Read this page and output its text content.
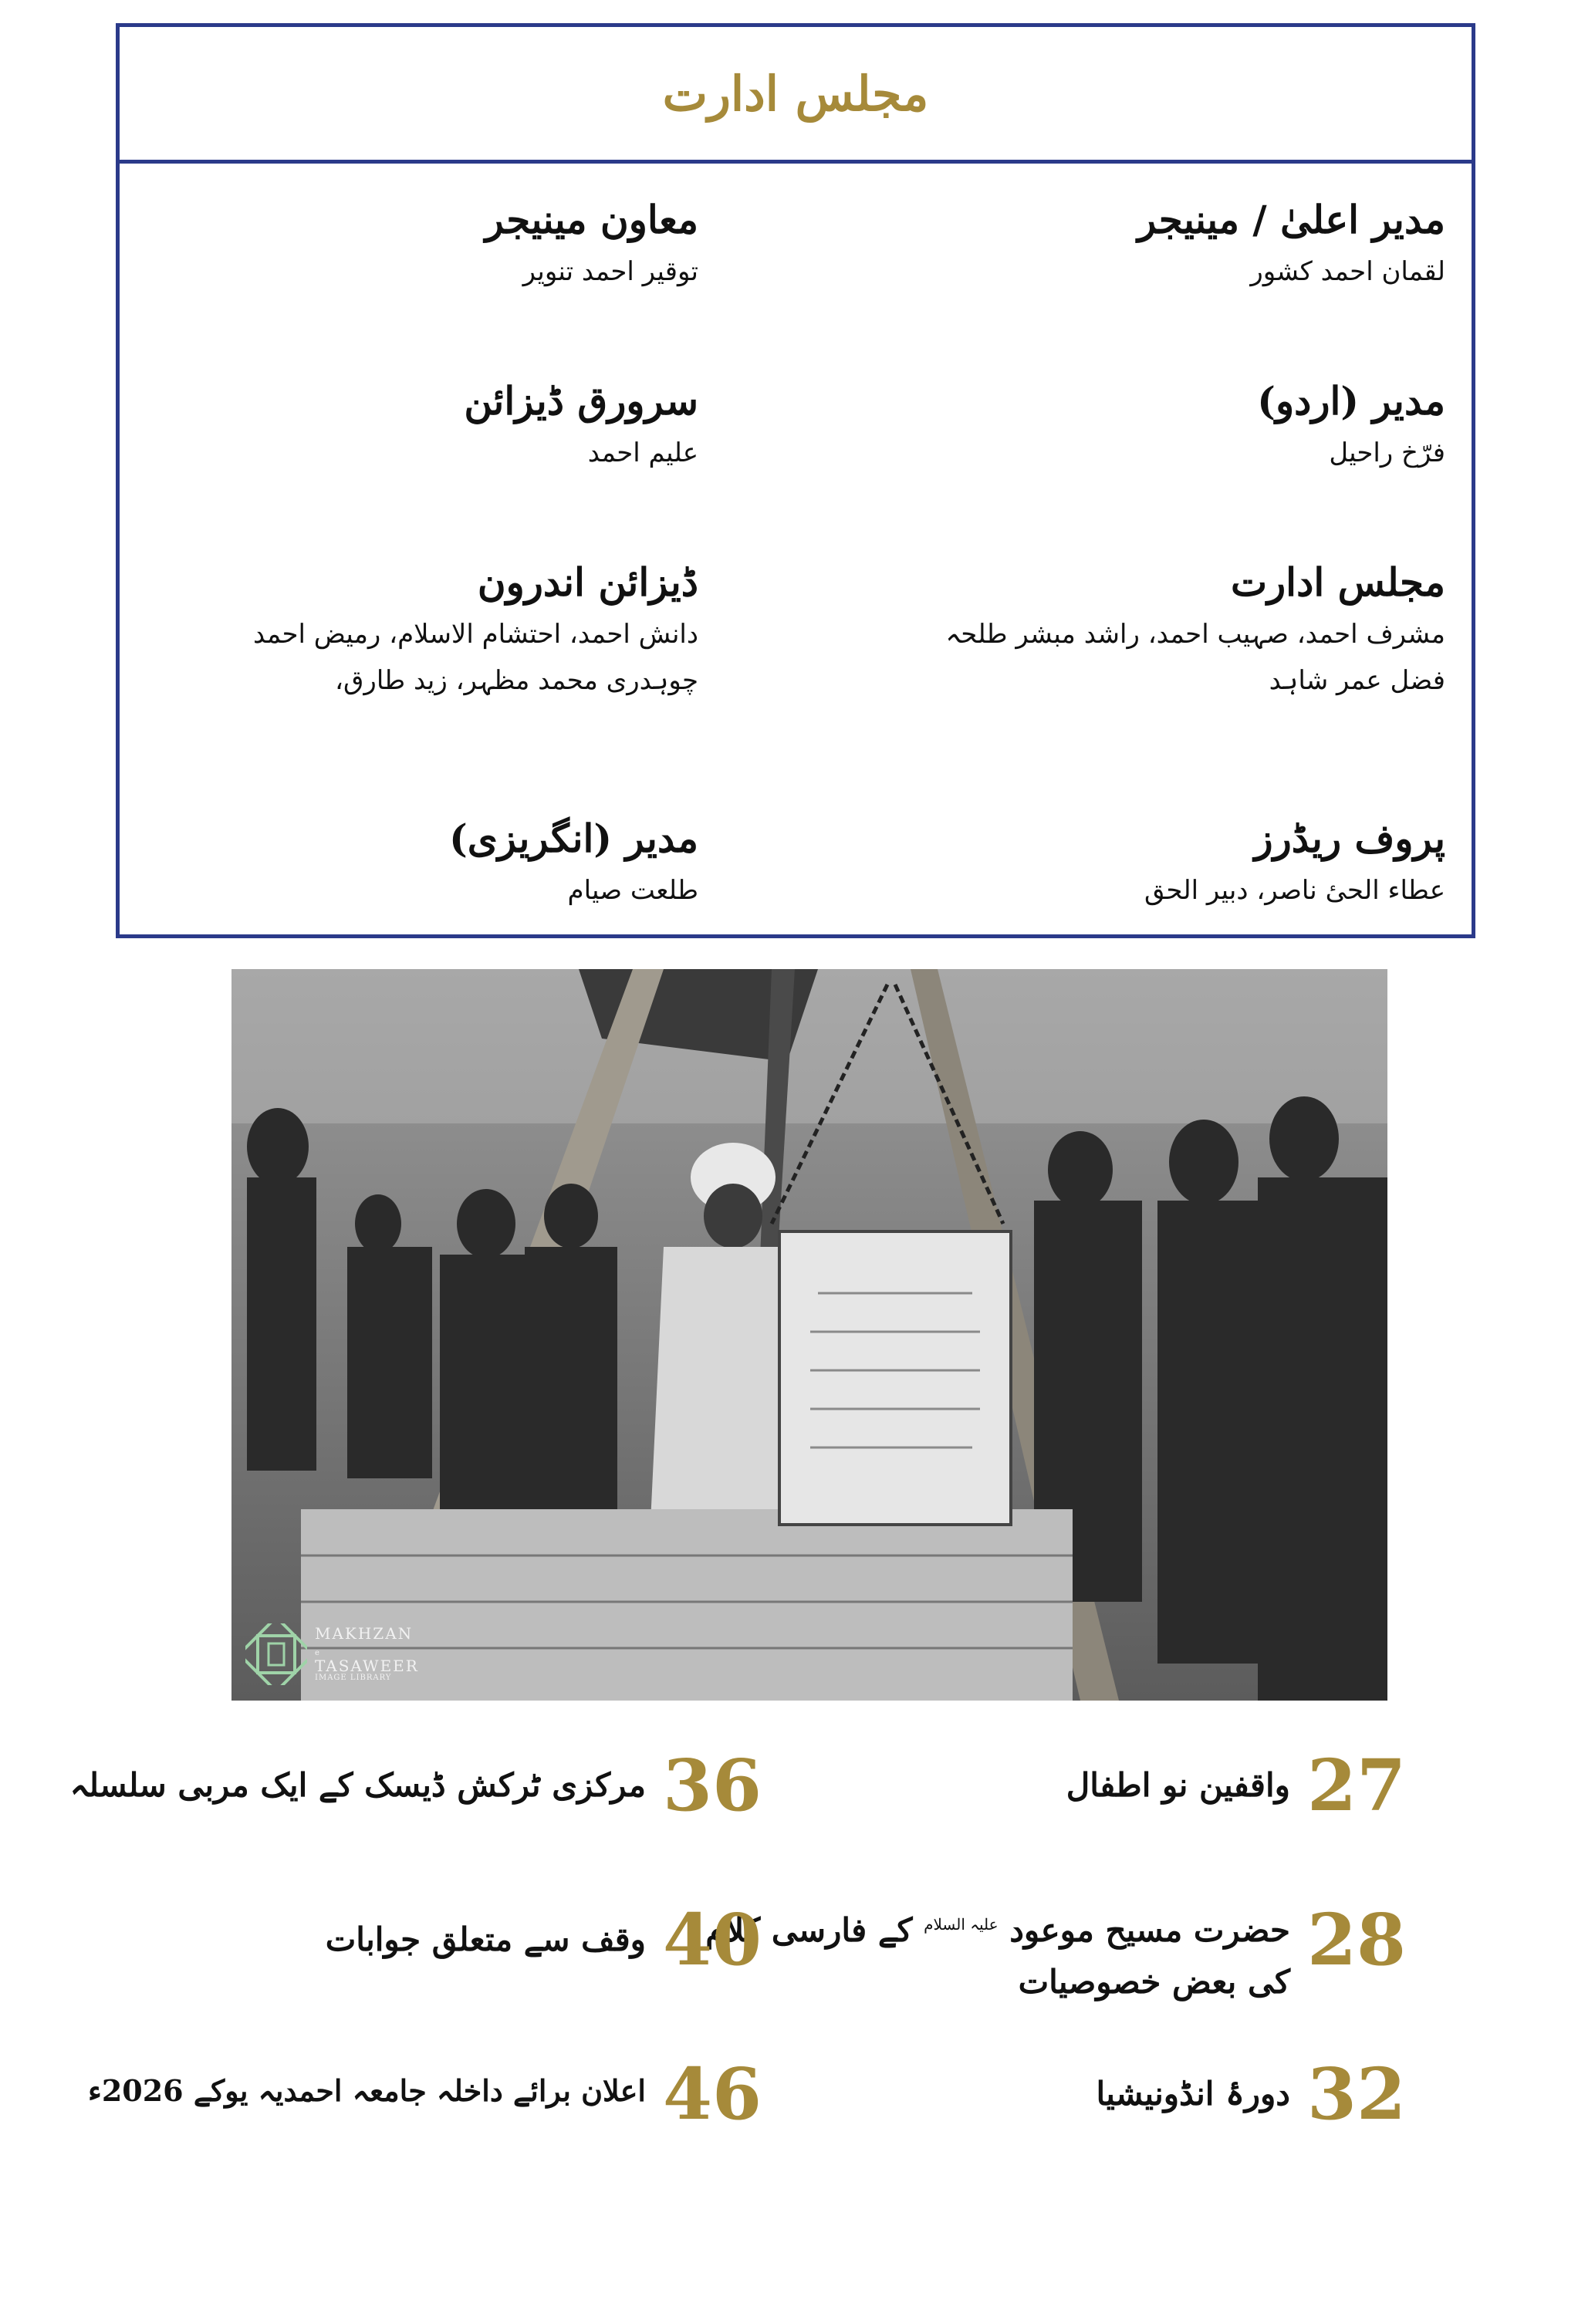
مجلس ادارت

مدیر اعلیٰ / مینیجر

لقمان احمد کشور

مدیر (اردو)

فرّخ راحیل

مجلس ادارت

مشرف احمد، صہیب احمد، راشد مبشر طلحہ

فضل عمر شاہد

پروف ریڈرز

عطاء الحیٔ ناصر، دبیر الحق

معاون مینیجر

توقیر احمد تنویر

سرورق ڈیزائن

علیم احمد

ڈیزائن اندرون

دانش احمد، احتشام الاسلام، رمیض احمد

چوہدری محمد مظہر، زید طارق،

مدیر (انگریزی)

طلعت صیام

MAKHZAN
e
TASAWEER
IMAGE LIBRARY
27
واقفین نو اطفال
28
حضرت مسیح موعود $^{علیہ السلام}$ کے فارسی کلام
کی بعض خصوصیات
32
دورۂ انڈونیشیا
36
مرکزی ٹرکش ڈیسک کے ایک مربی سلسلہ
40
وقف سے متعلق جوابات
46
اعلان برائے داخلہ جامعہ احمدیہ یوکے 2026ء
